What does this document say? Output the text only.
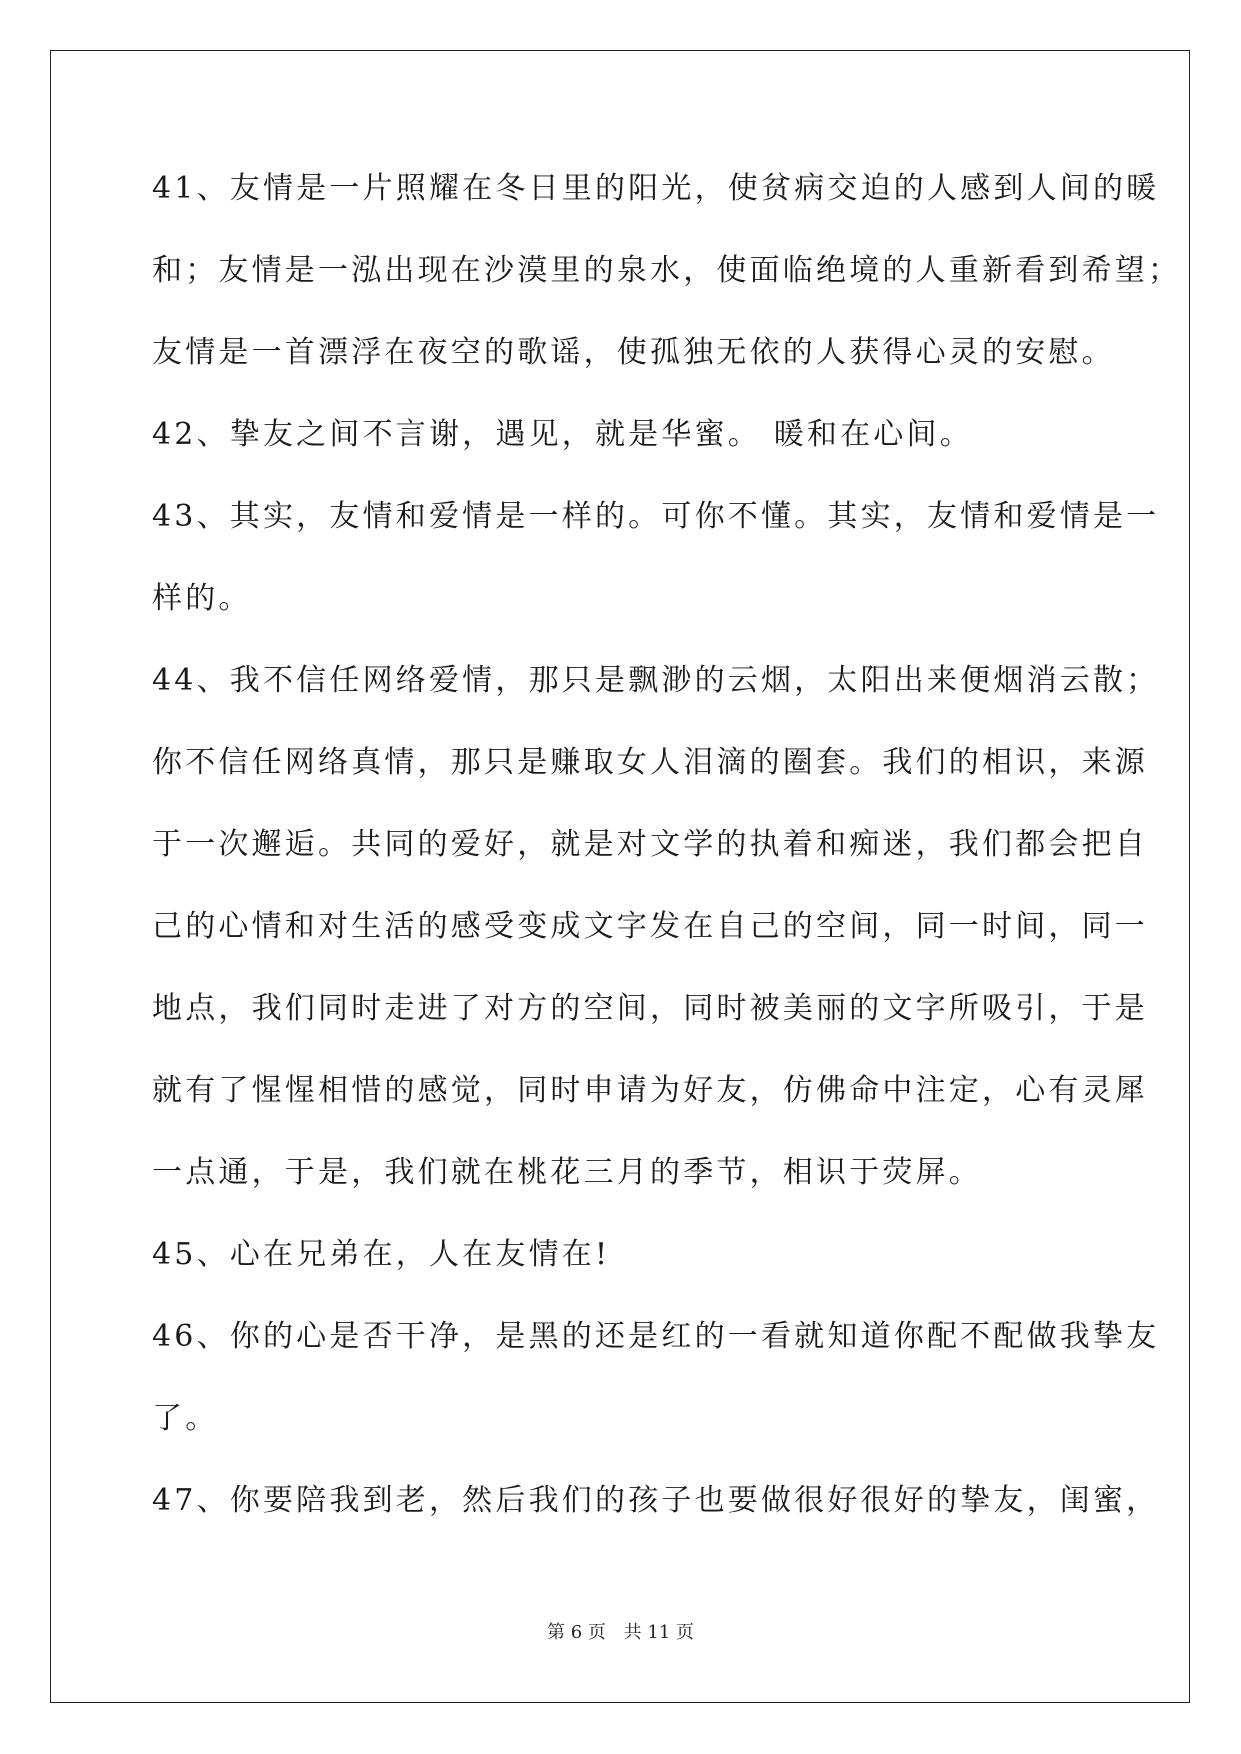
41、友情是一片照耀在冬日里的阳光，使贫病交迫的人感到人间的暖

和；友情是一泓出现在沙漠里的泉水，使面临绝境的人重新看到希望；

友情是一首漂浮在夜空的歌谣，使孤独无依的人获得心灵的安慰。

42、挚友之间不言谢，遇见，就是华蜜。 暖和在心间。

43、其实，友情和爱情是一样的。可你不懂。其实，友情和爱情是一

样的。

44、我不信任网络爱情，那只是飘渺的云烟，太阳出来便烟消云散；

你不信任网络真情，那只是赚取女人泪滴的圈套。我们的相识，来源

于一次邂逅。共同的爱好，就是对文学的执着和痴迷，我们都会把自

己的心情和对生活的感受变成文字发在自己的空间，同一时间，同一

地点，我们同时走进了对方的空间，同时被美丽的文字所吸引，于是

就有了惺惺相惜的感觉，同时申请为好友，仿佛命中注定，心有灵犀

一点通，于是，我们就在桃花三月的季节，相识于荧屏。

45、心在兄弟在，人在友情在!

46、你的心是否干净，是黑的还是红的一看就知道你配不配做我挚友

了。

47、你要陪我到老，然后我们的孩子也要做很好很好的挚友，闺蜜，

第 6 页 共 11 页
